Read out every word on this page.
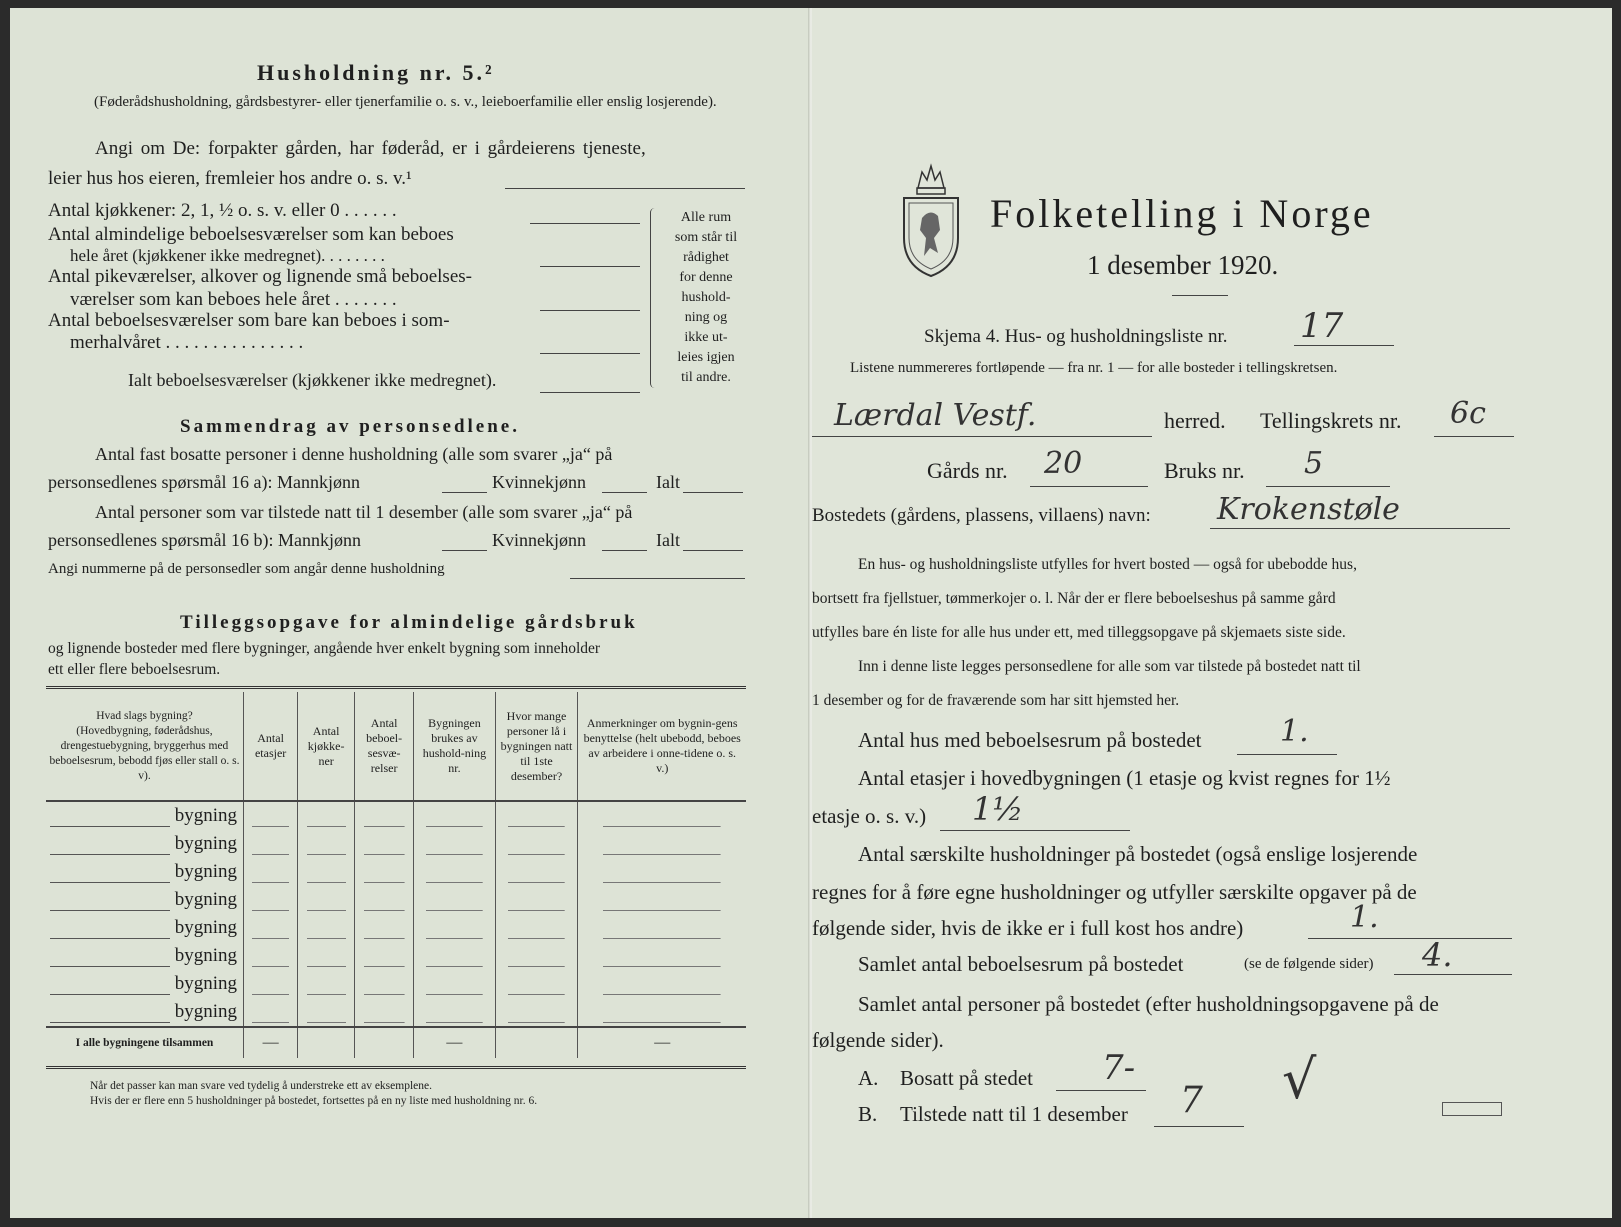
Husholdning nr. 5.²
(Føderådshusholdning, gårdsbestyrer- eller tjenerfamilie o. s. v., leieboerfamilie eller enslig losjerende).
Angi om De: forpakter gården, har føderåd, er i gårdeierens tjeneste,
leier hus hos eieren, fremleier hos andre o. s. v.¹
Antal kjøkkener: 2, 1, ½ o. s. v. eller 0 . . . . . .
Antal almindelige beboelsesværelser som kan beboes
hele året (kjøkkener ikke medregnet). . . . . . . .
Antal pikeværelser, alkover og lignende små beboelses-
værelser som kan beboes hele året . . . . . . .
Antal beboelsesværelser som bare kan beboes i som-
merhalvåret . . . . . . . . . . . . . . .
Ialt beboelsesværelser (kjøkkener ikke medregnet).
Alle rum
som står til
rådighet
for denne
hushold-
ning og
ikke ut-
leies igjen
til andre.
Sammendrag av personsedlene.
Antal fast bosatte personer i denne husholdning (alle som svarer „ja“ på
personsedlenes spørsmål 16 a): Mannkjønn	Kvinnekjønn	Ialt
Antal personer som var tilstede natt til 1 desember (alle som svarer „ja“ på
personsedlenes spørsmål 16 b): Mannkjønn	Kvinnekjønn	Ialt
Angi nummerne på de personsedler som angår denne husholdning
Tilleggsopgave for almindelige gårdsbruk
og lignende bosteder med flere bygninger, angående hver enkelt bygning som inneholder
ett eller flere beboelsesrum.
Hvad slags bygning?
(Hovedbygning, føderådshus, drengestuebygning, bryggerhus med beboelsesrum, bebodd fjøs eller stall o. s. v).	Antal etasjer	Antal kjøkke-ner	Antal beboel-sesvæ-relser	Bygningen brukes av hushold-ning nr.	Hvor mange personer lå i bygningen natt til 1ste desember?	Anmerkninger om bygnin-gens benyttelse (helt ubebodd, beboes av arbeidere i onne-tidene o. s. v.)
bygning						
bygning						
bygning						
bygning						
bygning						
bygning						
bygning						
bygning						
I alle bygningene tilsammen	—			—		—
Når det passer kan man svare ved tydelig å understreke ett av eksemplene.
Hvis der er flere enn 5 husholdninger på bostedet, fortsettes på en ny liste med husholdning nr. 6.
Folketelling i Norge
1 desember 1920.
Skjema 4. Hus- og husholdningsliste nr. 17
Listene nummereres fortløpende — fra nr. 1 — for alle bosteder i tellingskretsen.
Lærdal Vestf.	herred. Tellingskrets nr. 6c
Gårds nr. 20	Bruks nr. 5
Bostedets (gårdens, plassens, villaens) navn: Krokenstøle
En hus- og husholdningsliste utfylles for hvert bosted — også for ubebodde hus,
bortsett fra fjellstuer, tømmerkojer o. l. Når der er flere beboelseshus på samme gård
utfylles bare én liste for alle hus under ett, med tilleggsopgave på skjemaets siste side.
Inn i denne liste legges personsedlene for alle som var tilstede på bostedet natt til
1 desember og for de fraværende som har sitt hjemsted her.
Antal hus med beboelsesrum på bostedet	1.
Antal etasjer i hovedbygningen (1 etasje og kvist regnes for 1½
etasje o. s. v.) 1½
Antal særskilte husholdninger på bostedet (også enslige losjerende
regnes for å føre egne husholdninger og utfyller særskilte opgaver på de
følgende sider, hvis de ikke er i full kost hos andre)	1.
Samlet antal beboelsesrum på bostedet	(se de følgende sider) 4.
Samlet antal personer på bostedet (efter husholdningsopgavene på de
følgende sider).
A. Bosatt på stedet 7-
B. Tilstede natt til 1 desember 7 √
